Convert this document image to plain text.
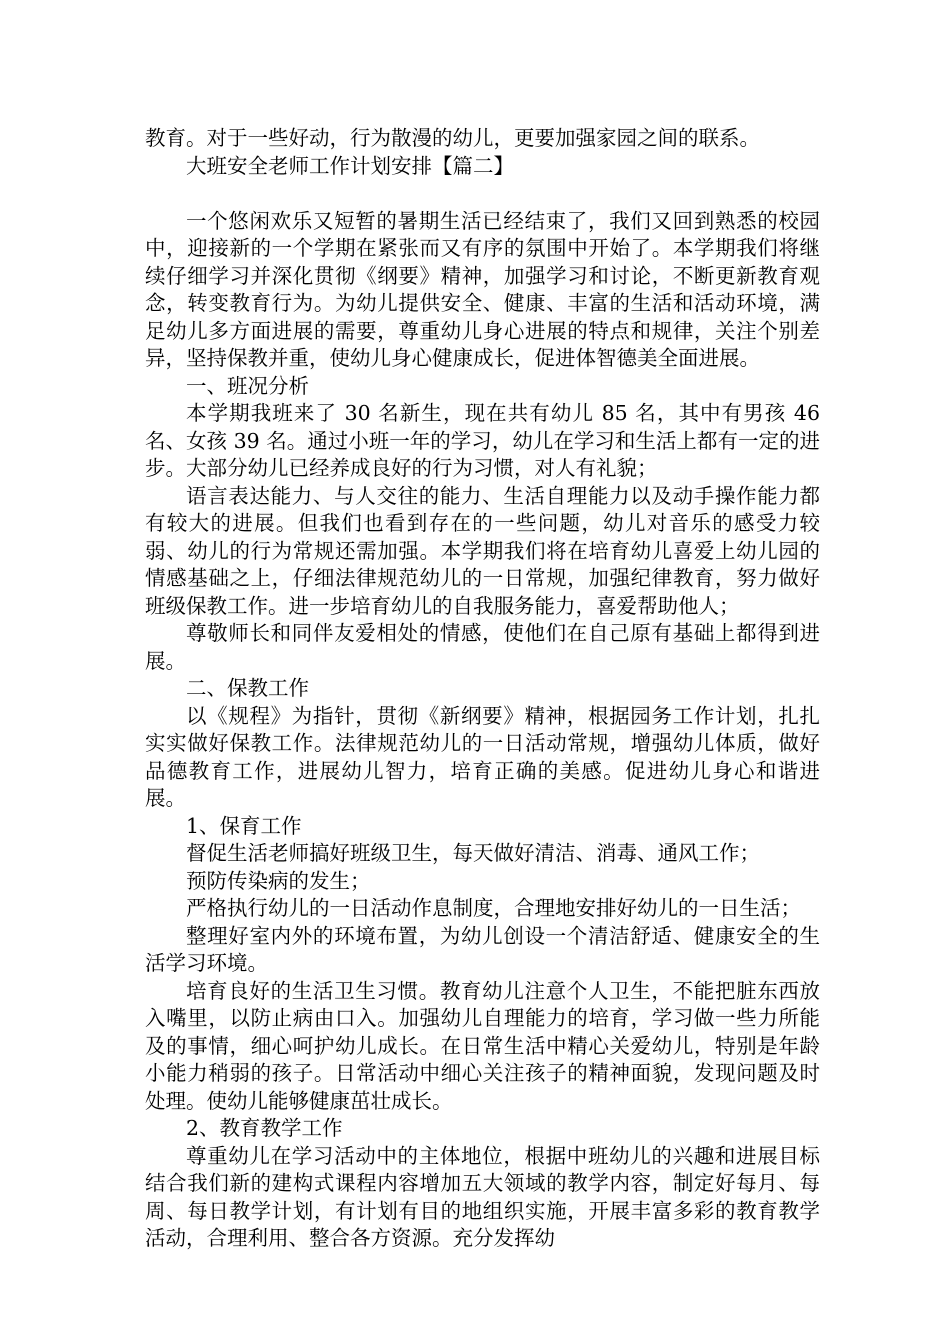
教育。对于一些好动，行为散漫的幼儿，更要加强家园之间的联系。

大班安全老师工作计划安排【篇二】

一个悠闲欢乐又短暂的暑期生活已经结束了，我们又回到熟悉的校园中，迎接新的一个学期在紧张而又有序的氛围中开始了。本学期我们将继续仔细学习并深化贯彻《纲要》精神，加强学习和讨论，不断更新教育观念，转变教育行为。为幼儿提供安全、健康、丰富的生活和活动环境，满足幼儿多方面进展的需要，尊重幼儿身心进展的特点和规律，关注个别差异，坚持保教并重，使幼儿身心健康成长，促进体智德美全面进展。

一、班况分析

本学期我班来了 30 名新生，现在共有幼儿 85 名，其中有男孩 46 名、女孩 39 名。通过小班一年的学习，幼儿在学习和生活上都有一定的进步。大部分幼儿已经养成良好的行为习惯，对人有礼貌；

语言表达能力、与人交往的能力、生活自理能力以及动手操作能力都有较大的进展。但我们也看到存在的一些问题，幼儿对音乐的感受力较弱、幼儿的行为常规还需加强。本学期我们将在培育幼儿喜爱上幼儿园的情感基础之上，仔细法律规范幼儿的一日常规，加强纪律教育，努力做好班级保教工作。进一步培育幼儿的自我服务能力，喜爱帮助他人；

尊敬师长和同伴友爱相处的情感，使他们在自己原有基础上都得到进展。

二、保教工作

以《规程》为指针，贯彻《新纲要》精神，根据园务工作计划，扎扎实实做好保教工作。法律规范幼儿的一日活动常规，增强幼儿体质，做好品德教育工作，进展幼儿智力，培育正确的美感。促进幼儿身心和谐进展。

1、保育工作

督促生活老师搞好班级卫生，每天做好清洁、消毒、通风工作；

预防传染病的发生；

严格执行幼儿的一日活动作息制度，合理地安排好幼儿的一日生活；

整理好室内外的环境布置，为幼儿创设一个清洁舒适、健康安全的生活学习环境。

培育良好的生活卫生习惯。教育幼儿注意个人卫生，不能把脏东西放入嘴里，以防止病由口入。加强幼儿自理能力的培育，学习做一些力所能及的事情，细心呵护幼儿成长。在日常生活中精心关爱幼儿，特别是年龄小能力稍弱的孩子。日常活动中细心关注孩子的精神面貌，发现问题及时处理。使幼儿能够健康茁壮成长。

2、教育教学工作

尊重幼儿在学习活动中的主体地位，根据中班幼儿的兴趣和进展目标结合我们新的建构式课程内容增加五大领域的教学内容，制定好每月、每周、每日教学计划，有计划有目的地组织实施，开展丰富多彩的教育教学活动，合理利用、整合各方资源。充分发挥幼
